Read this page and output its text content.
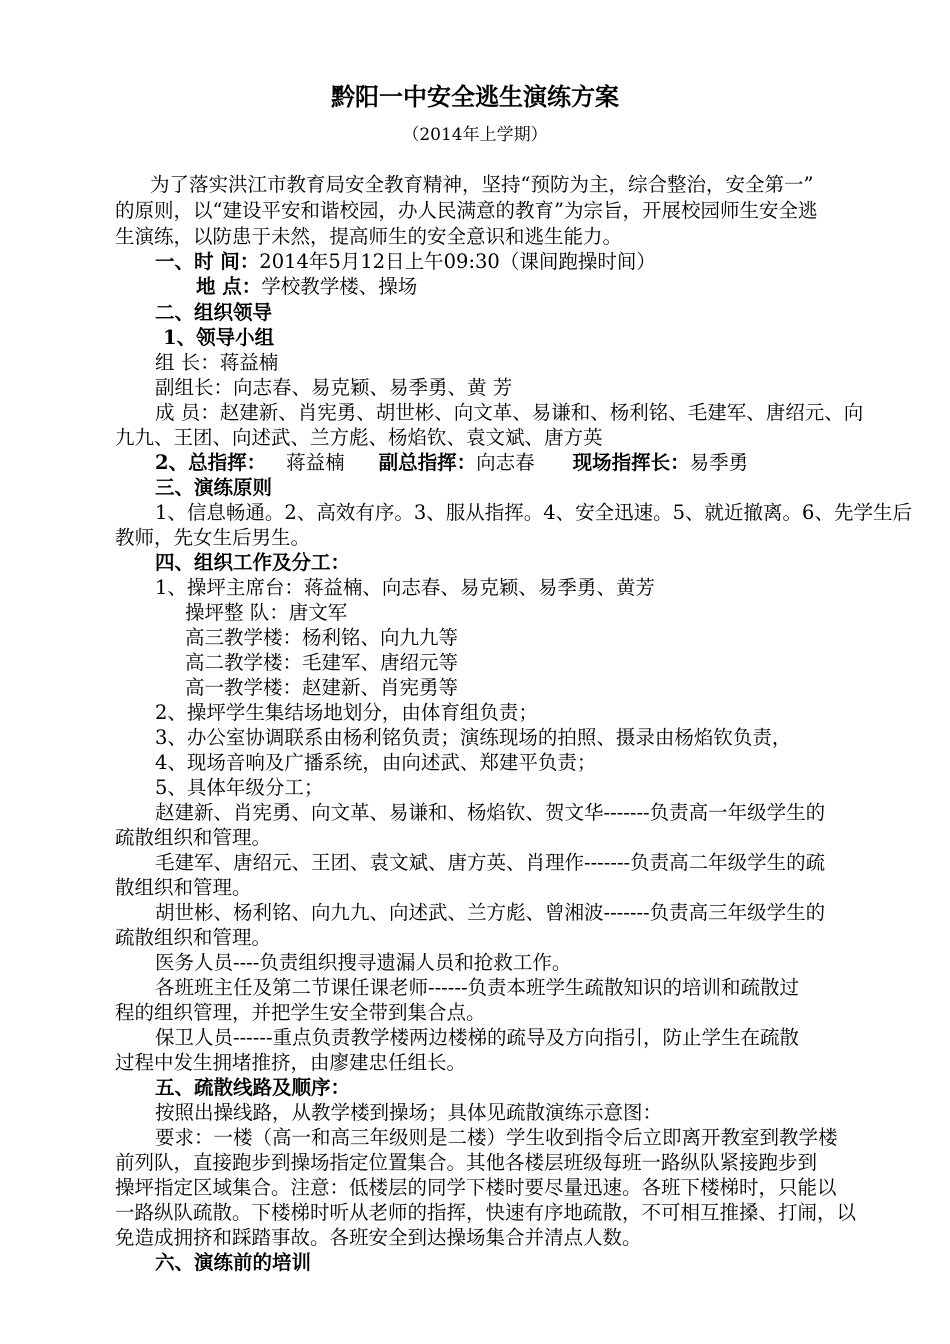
黔阳一中安全逃生演练方案
（2014年上学期）
为了落实洪江市教育局安全教育精神，坚持“预防为主，综合整治，安全第一”
的原则，以“建设平安和谐校园，办人民满意的教育”为宗旨，开展校园师生安全逃
生演练，以防患于未然，提高师生的安全意识和逃生能力。
一、时 间：2014年5月12日上午09:30（课间跑操时间）
地 点：学校教学楼、操场
二、组织领导
1、领导小组
组 长：蒋益楠
副组长：向志春、易克颖、易季勇、黄 芳
成 员：赵建新、肖宪勇、胡世彬、向文革、易谦和、杨利铭、毛建军、唐绍元、向
九九、王团、向述武、兰方彪、杨焰钦、袁文斌、唐方英
2、总指挥： 蒋益楠 副总指挥：向志春 现场指挥长：易季勇
三、演练原则
1、信息畅通。2、高效有序。3、服从指挥。4、安全迅速。5、就近撤离。6、先学生后
教师，先女生后男生。
四、组织工作及分工：
1、操坪主席台：蒋益楠、向志春、易克颖、易季勇、黄芳
操坪整 队：唐文军
高三教学楼：杨利铭、向九九等
高二教学楼：毛建军、唐绍元等
高一教学楼：赵建新、肖宪勇等
2、操坪学生集结场地划分，由体育组负责；
3、办公室协调联系由杨利铭负责；演练现场的拍照、摄录由杨焰钦负责，
4、现场音响及广播系统，由向述武、郑建平负责；
5、具体年级分工；
赵建新、肖宪勇、向文革、易谦和、杨焰钦、贺文华-------负责高一年级学生的
疏散组织和管理。
毛建军、唐绍元、王团、袁文斌、唐方英、肖理作-------负责高二年级学生的疏
散组织和管理。
胡世彬、杨利铭、向九九、向述武、兰方彪、曾湘波-------负责高三年级学生的
疏散组织和管理。
医务人员----负责组织搜寻遗漏人员和抢救工作。
各班班主任及第二节课任课老师------负责本班学生疏散知识的培训和疏散过
程的组织管理，并把学生安全带到集合点。
保卫人员------重点负责教学楼两边楼梯的疏导及方向指引，防止学生在疏散
过程中发生拥堵推挤，由廖建忠任组长。
五、疏散线路及顺序：
按照出操线路，从教学楼到操场；具体见疏散演练示意图：
要求：一楼（高一和高三年级则是二楼）学生收到指令后立即离开教室到教学楼
前列队，直接跑步到操场指定位置集合。其他各楼层班级每班一路纵队紧接跑步到
操坪指定区域集合。注意：低楼层的同学下楼时要尽量迅速。各班下楼梯时，只能以
一路纵队疏散。下楼梯时听从老师的指挥，快速有序地疏散，不可相互推搡、打闹，以
免造成拥挤和踩踏事故。各班安全到达操场集合并清点人数。
六、演练前的培训
